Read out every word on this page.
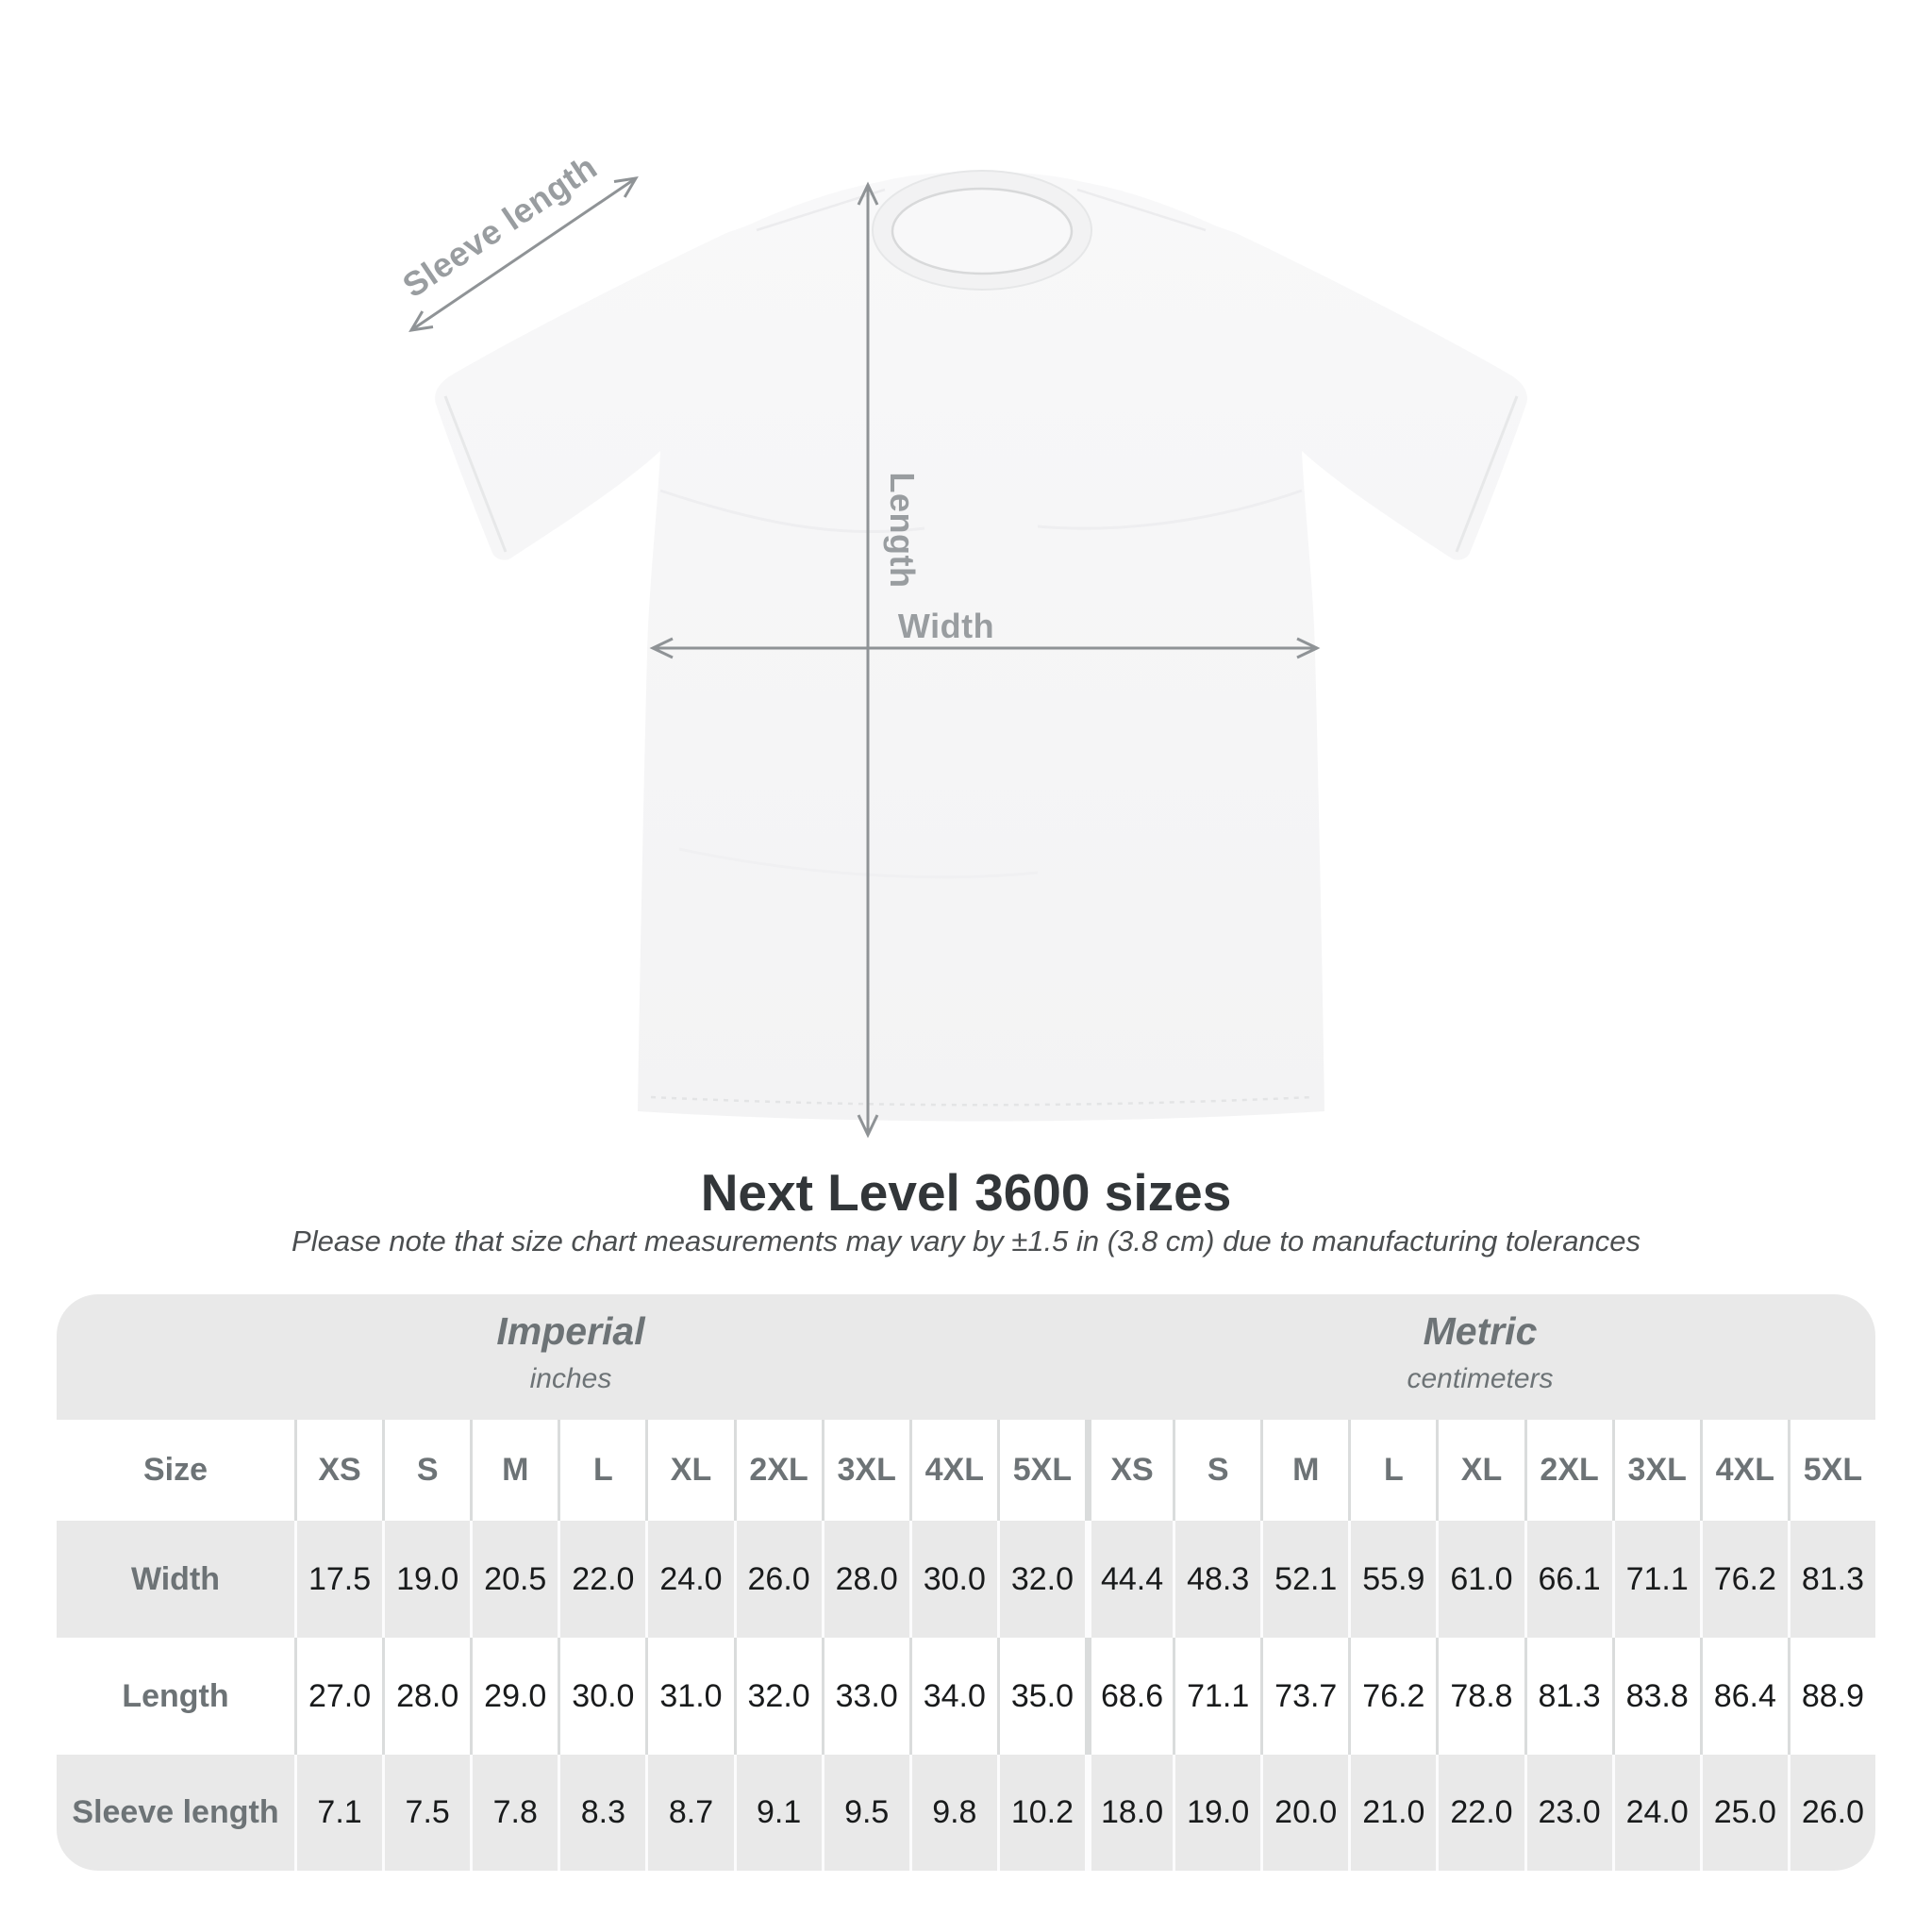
Sleeve length
Length
Width
Next Level 3600 sizes
Please note that size chart measurements may vary by ±1.5 in (3.8 cm) due to manufacturing tolerances
Imperial
inches
Metric
centimeters
Size	XS	S	M	L	XL	2XL 3XL 4XL 5XL	XS	S	M	L	XL	2XL 3XL 4XL 5XL
Width	17.5 19.0 20.5 22.0 24.0 26.0 28.0 30.0 32.0 44.4 48.3 52.1 55.9 61.0 66.1 71.1 76.2 81.3
Length	27.0 28.0 29.0 30.0 31.0 32.0 33.0 34.0 35.0 68.6 71.1 73.7 76.2 78.8 81.3 83.8 86.4 88.9
Sleeve length	7.1	7.5	7.8	8.3	8.7	9.1	9.5	9.8	10.2 18.0 19.0 20.0 21.0 22.0 23.0 24.0 25.0 26.0
